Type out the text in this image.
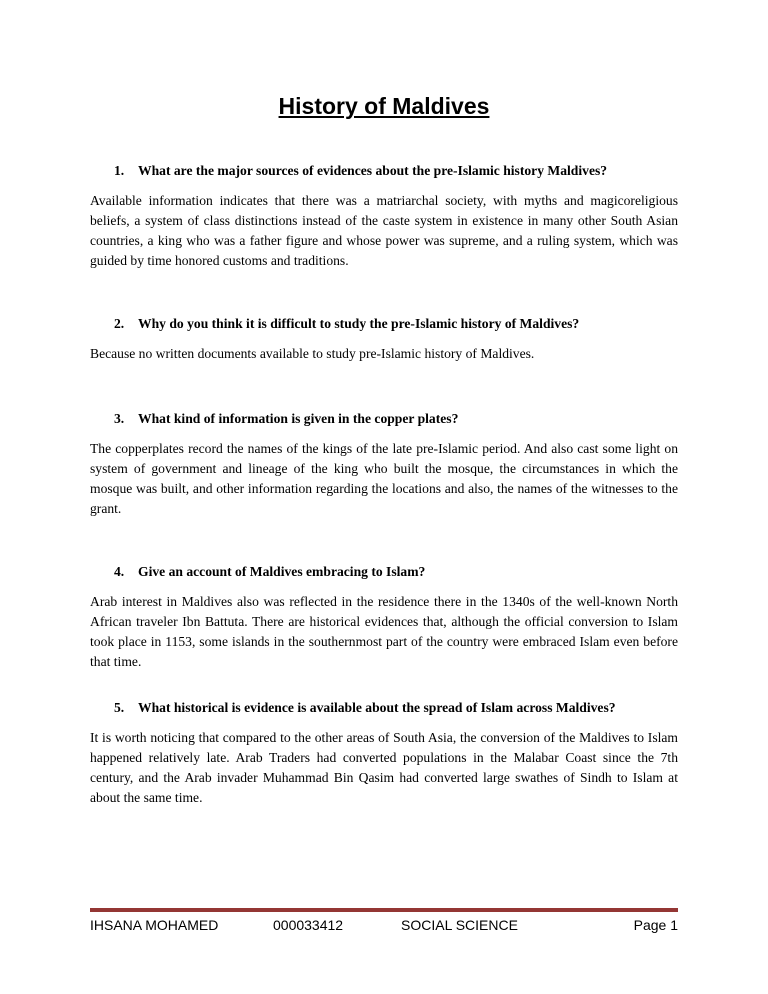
History of Maldives

1. What are the major sources of evidences about the pre-Islamic history Maldives?

Available information indicates that there was a matriarchal society, with myths and magicoreligious beliefs, a system of class distinctions instead of the caste system in existence in many other South Asian countries, a king who was a father figure and whose power was supreme, and a ruling system, which was guided by time honored customs and traditions.

2. Why do you think it is difficult to study the pre-Islamic history of Maldives?

Because no written documents available to study pre-Islamic history of Maldives.

3. What kind of information is given in the copper plates?

The copperplates record the names of the kings of the late pre-Islamic period. And also cast some light on system of government and lineage of the king who built the mosque, the circumstances in which the mosque was built, and other information regarding the locations and also, the names of the witnesses to the grant.

4. Give an account of Maldives embracing to Islam?

Arab interest in Maldives also was reflected in the residence there in the 1340s of the well-known North African traveler Ibn Battuta. There are historical evidences that, although the official conversion to Islam took place in 1153, some islands in the southernmost part of the country were embraced Islam even before that time.

5. What historical is evidence is available about the spread of Islam across Maldives?

It is worth noticing that compared to the other areas of South Asia, the conversion of the Maldives to Islam happened relatively late. Arab Traders had converted populations in the Malabar Coast since the 7th century, and the Arab invader Muhammad Bin Qasim had converted large swathes of Sindh to Islam at about the same time.

IHSANA MOHAMED	000033412	SOCIAL SCIENCE	Page 1
